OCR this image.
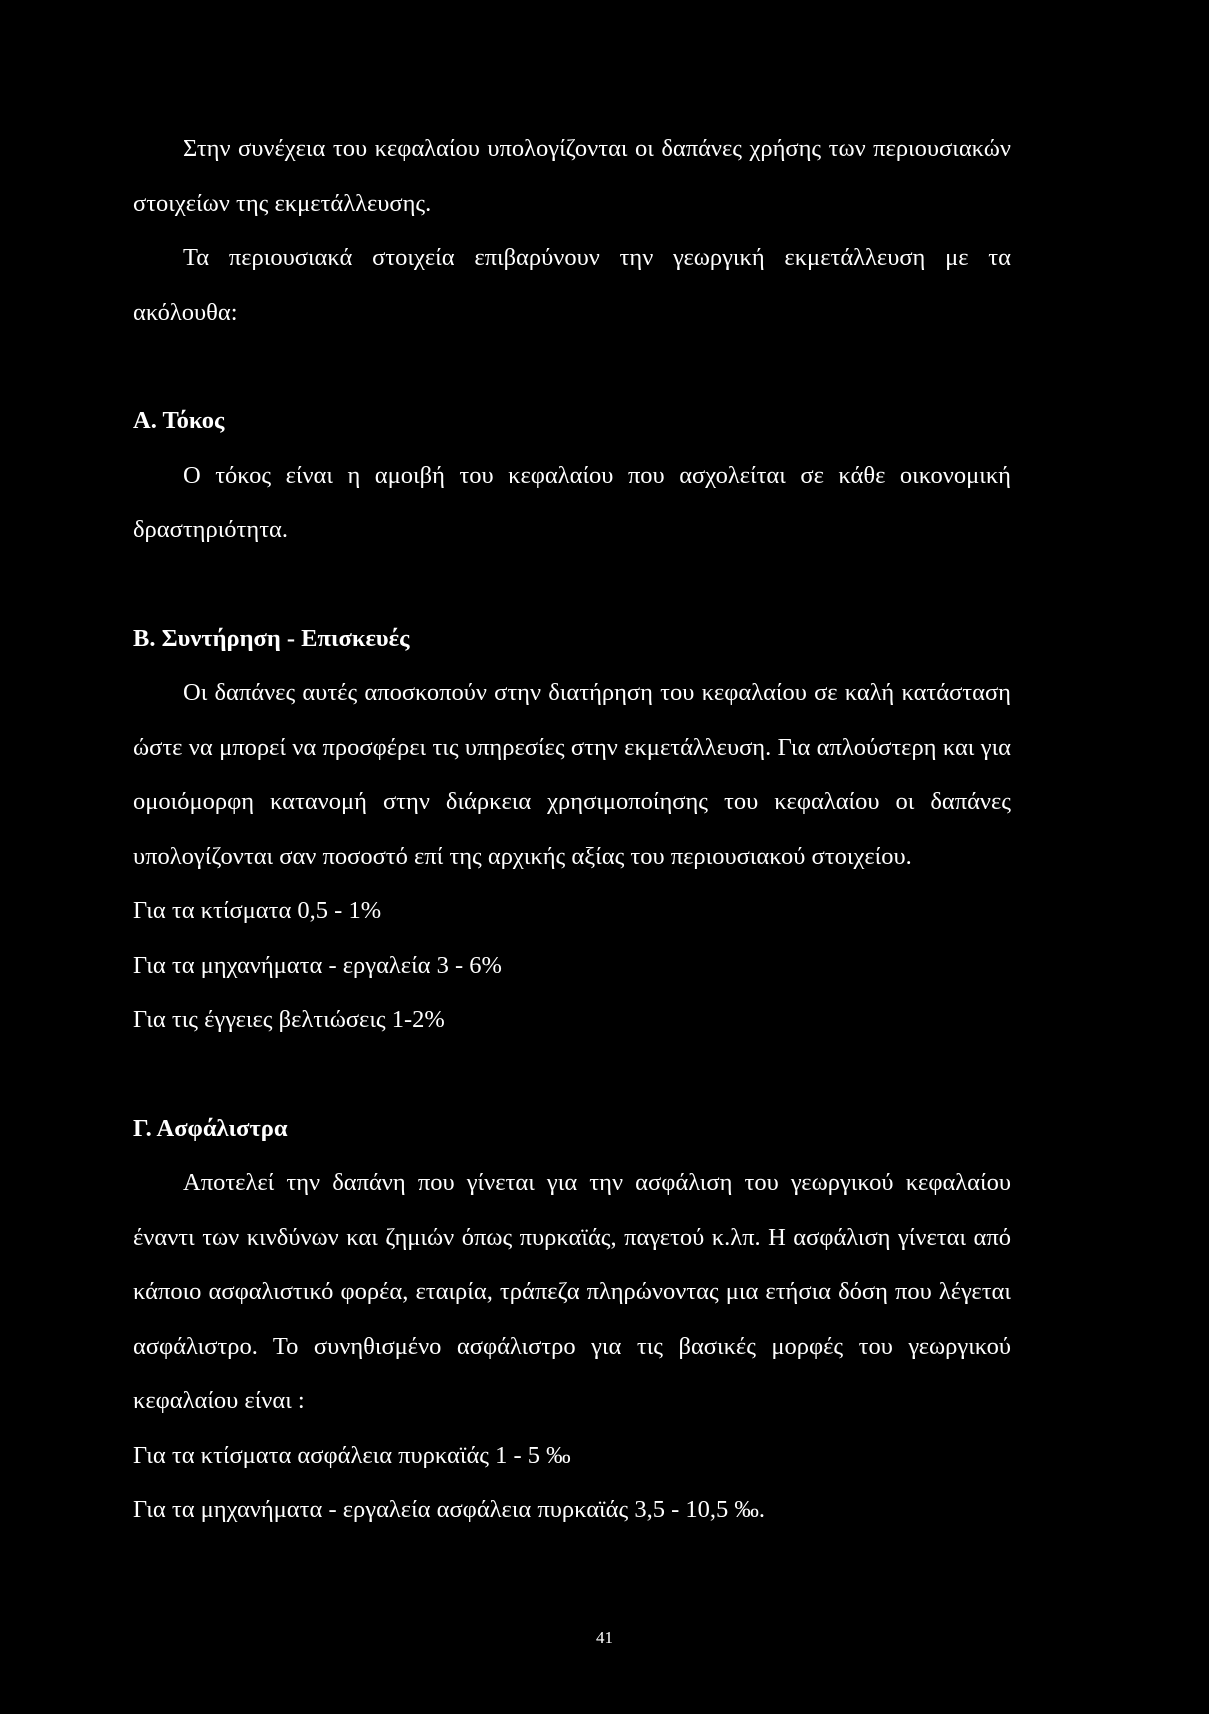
Στην συνέχεια του κεφαλαίου υπολογίζονται οι δαπάνες χρήσης των περιουσιακών στοιχείων της εκμετάλλευσης.

Τα περιουσιακά στοιχεία επιβαρύνουν την γεωργική εκμετάλλευση με τα ακόλουθα:

Α. Τόκος

Ο τόκος είναι η αμοιβή του κεφαλαίου που ασχολείται σε κάθε οικονομική δραστηριότητα.

Β. Συντήρηση - Επισκευές

Οι δαπάνες αυτές αποσκοπούν στην διατήρηση του κεφαλαίου σε καλή κατάσταση ώστε να μπορεί να προσφέρει τις υπηρεσίες στην εκμετάλλευση. Για απλούστερη και για ομοιόμορφη κατανομή στην διάρκεια χρησιμοποίησης του κεφαλαίου οι δαπάνες υπολογίζονται σαν ποσοστό επί της αρχικής αξίας του περιουσιακού στοιχείου.

Για τα κτίσματα 0,5 - 1%

Για τα μηχανήματα - εργαλεία 3 - 6%

Για τις έγγειες βελτιώσεις 1-2%

Γ. Ασφάλιστρα

Αποτελεί την δαπάνη που γίνεται για την ασφάλιση του γεωργικού κεφαλαίου έναντι των κινδύνων και ζημιών όπως πυρκαϊάς, παγετού κ.λπ. Η ασφάλιση γίνεται από κάποιο ασφαλιστικό φορέα, εταιρία, τράπεζα πληρώνοντας μια ετήσια δόση που λέγεται ασφάλιστρο. Το συνηθισμένο ασφάλιστρο για τις βασικές μορφές του γεωργικού κεφαλαίου είναι :

Για τα κτίσματα ασφάλεια πυρκαϊάς 1 - 5 ‰

Για τα μηχανήματα - εργαλεία ασφάλεια πυρκαϊάς 3,5 - 10,5 ‰.

41
